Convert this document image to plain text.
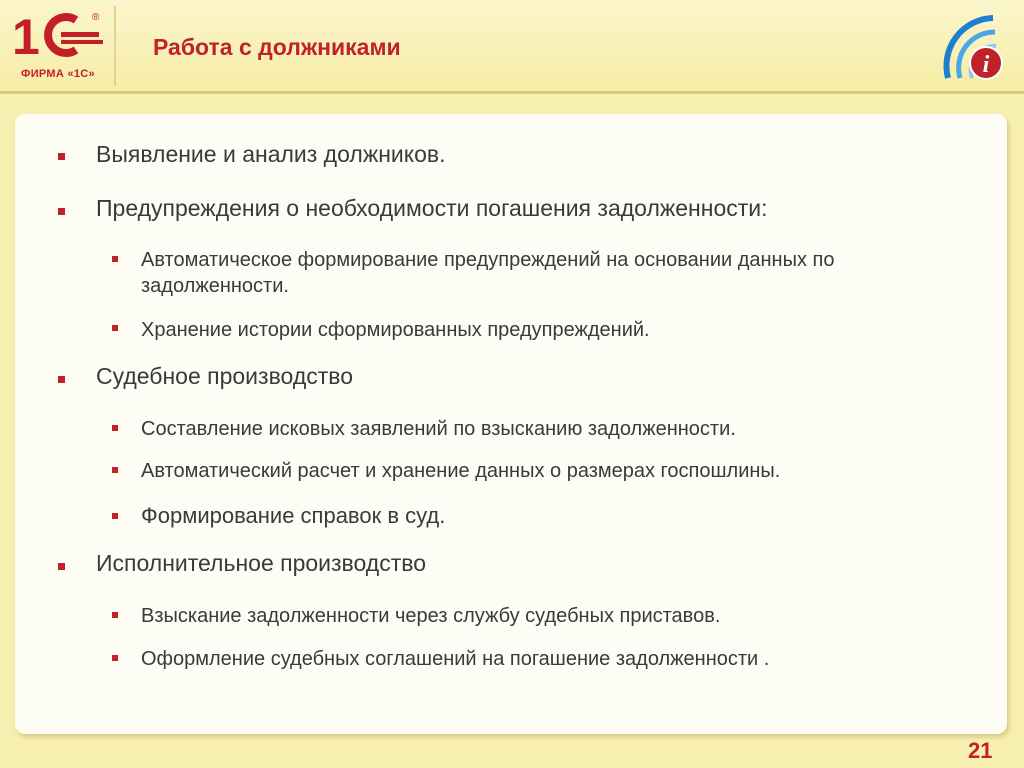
1	®
ФИРМА «1С»
Работа с должниками
i
Выявление и анализ должников.
Предупреждения о необходимости погашения задолженности:
Автоматическое формирование предупреждений на основании данных по задолженности.
Хранение истории сформированных предупреждений.
Судебное производство
Составление исковых заявлений по взысканию задолженности.
Автоматический расчет и хранение данных о размерах госпошлины.
Формирование справок в суд.
Исполнительное производство
Взыскание задолженности через службу судебных приставов.
Оформление судебных соглашений на погашение задолженности .
21
